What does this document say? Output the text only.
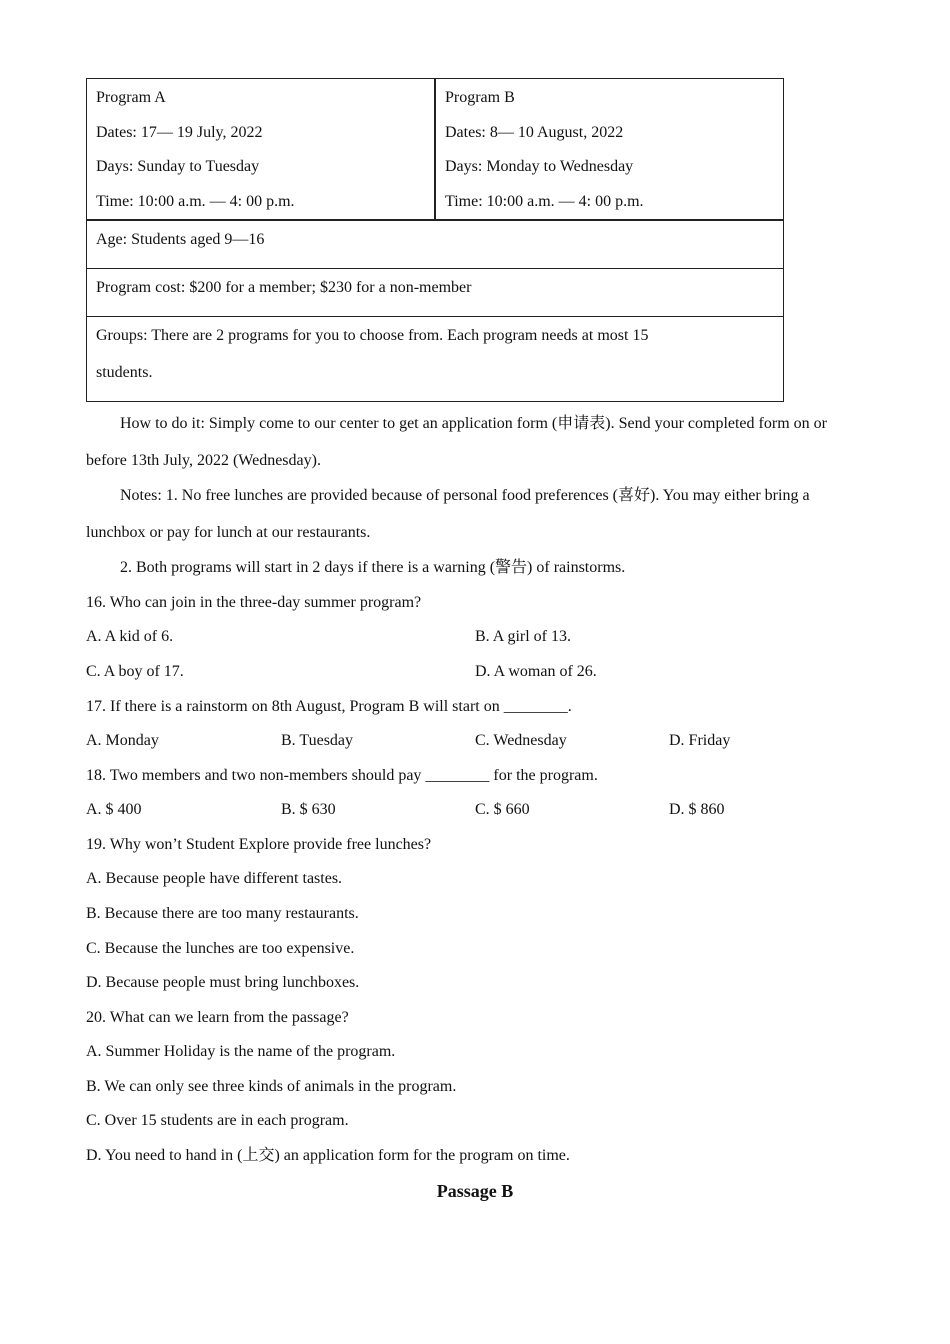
Program A
Dates: 17— 19 July, 2022
Days: Sunday to Tuesday
Time: 10:00 a.m. — 4: 00 p.m.

Program B
Dates: 8— 10 August, 2022
Days: Monday to Wednesday
Time: 10:00 a.m. — 4: 00 p.m.

Age: Students aged 9—16

Program cost: $200 for a member; $230 for a non-member

Groups: There are 2 programs for you to choose from. Each program needs at most 15
students.
How to do it: Simply come to our center to get an application form (申请表). Send your completed form on or
before 13th July, 2022 (Wednesday).
Notes: 1. No free lunches are provided because of personal food preferences (喜好). You may either bring a
lunchbox or pay for lunch at our restaurants.
2. Both programs will start in 2 days if there is a warning (警告) of rainstorms.
16. Who can join in the three-day summer program?
A. A kid of 6.	B. A girl of 13.
C. A boy of 17.	D. A woman of 26.
17. If there is a rainstorm on 8th August, Program B will start on ________.
A. Monday	B. Tuesday	C. Wednesday	D. Friday
18. Two members and two non-members should pay ________ for the program.
A. $ 400	B. $ 630	C. $ 660	D. $ 860
19. Why won’t Student Explore provide free lunches?
A. Because people have different tastes.
B. Because there are too many restaurants.
C. Because the lunches are too expensive.
D. Because people must bring lunchboxes.
20. What can we learn from the passage?
A. Summer Holiday is the name of the program.
B. We can only see three kinds of animals in the program.
C. Over 15 students are in each program.
D. You need to hand in (上交) an application form for the program on time.
Passage B
